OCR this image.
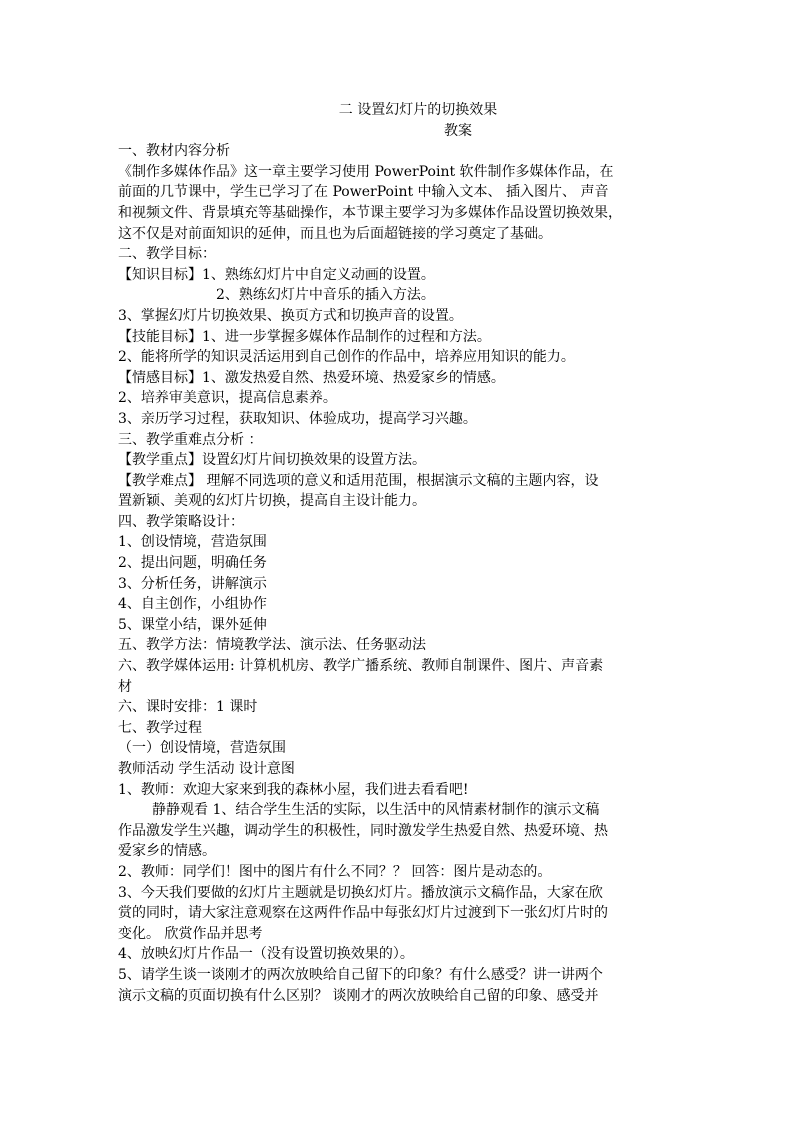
二 设置幻灯片的切换效果
教案
一、教材内容分析
《制作多媒体作品》这一章主要学习使用 PowerPoint 软件制作多媒体作品，在
前面的几节课中，学生已学习了在 PowerPoint 中输入文本、 插入图片、 声音
和视频文件、背景填充等基础操作，本节课主要学习为多媒体作品设置切换效果，
这不仅是对前面知识的延伸，而且也为后面超链接的学习奠定了基础。
二、教学目标：
【知识目标】1、熟练幻灯片中自定义动画的设置。
2、熟练幻灯片中音乐的插入方法。
3、掌握幻灯片切换效果、换页方式和切换声音的设置。
【技能目标】1、进一步掌握多媒体作品制作的过程和方法。
2、能将所学的知识灵活运用到自己创作的作品中，培养应用知识的能力。
【情感目标】1、激发热爱自然、热爱环境、热爱家乡的情感。
2、培养审美意识，提高信息素养。
3、亲历学习过程，获取知识、体验成功，提高学习兴趣。
三、教学重难点分析 ：
【教学重点】设置幻灯片间切换效果的设置方法。
【教学难点】 理解不同选项的意义和适用范围，根据演示文稿的主题内容，设
置新颖、美观的幻灯片切换，提高自主设计能力。
四、教学策略设计：
1、创设情境，营造氛围
2、提出问题，明确任务
3、分析任务，讲解演示
4、自主创作，小组协作
5、课堂小结，课外延伸
五、教学方法：情境教学法、演示法、任务驱动法
六、教学媒体运用: 计算机机房、教学广播系统、教师自制课件、图片、声音素
材
六、课时安排：1 课时
七、教学过程
（一）创设情境，营造氛围
教师活动 学生活动 设计意图
1、教师：欢迎大家来到我的森林小屋，我们进去看看吧!
静静观看 1、结合学生生活的实际，以生活中的风情素材制作的演示文稿
作品激发学生兴趣，调动学生的积极性，同时激发学生热爱自然、热爱环境、热
爱家乡的情感。
2、教师：同学们！图中的图片有什么不同？？ 回答：图片是动态的。
3、今天我们要做的幻灯片主题就是切换幻灯片。播放演示文稿作品，大家在欣
赏的同时，请大家注意观察在这两件作品中每张幻灯片过渡到下一张幻灯片时的
变化。 欣赏作品并思考
4、放映幻灯片作品一（没有设置切换效果的）。
5、请学生谈一谈刚才的两次放映给自己留下的印象？有什么感受？讲一讲两个
演示文稿的页面切换有什么区别？ 谈刚才的两次放映给自己留的印象、感受并
